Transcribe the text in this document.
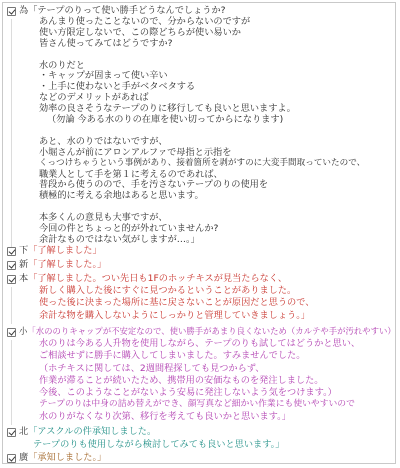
為「テープのりって使い勝手どうなんでしょうか?
あんまり使ったことないので、分からないのですが
使い方限定しないで、この際どちらが使い易いか
皆さん使ってみてはどうですか?
水のりだと
・キャップが固まって使い辛い
・上手に使わないと手がベタベタする
などのデメリットがあれば
効率の良さそうなテープのりに移行しても良いと思いますよ。
（勿論 今ある水のりの在庫を使い切ってからになります)
あと、水のりではないですが、
小堀さんが前にアロンアルファで母指と示指を
くっつけちゃうという事例があり、接着箇所を剥がすのに大変手間取っていたので、
職業人として手を第１に考えるのであれば、
普段から使うのので、手を汚さないテープのりの使用を
積極的に考える余地はあると思います。
本多くんの意見も大事ですが、
今回の件とちょっと的が外れていませんか?
余計なものではない気がしますが…。」
下「了解しました」
新「了解しました。」
本「了解しました。つい先日も1Fのホッチキスが見当たらなく、
新しく購入した後にすぐに見つかるということがありました。
使った後に決まった場所に基に戻さないことが原因だと思うので、
余計な物を購入しないようにしっかりと管理していきましょう。」
小「水ののりキャップが不安定なので、使い勝手があまり良くないため（カルテや手が汚れやすい）
水のりは今ある人升物を使用しながら、テープのりも試してはどうかと思い、
ご相談せずに勝手に購入してしまいました。すみませんでした。
（ホチキスに関しては、2週間程探しても見つからず、
作業が滞ることが続いたため、携帯用の安価なものを発注しました。
今後、このようなことがないよう安易に発注しないよう気をつけます。）
テープのりは中身の詰め替えができ、顔写真など細かい作業にも使いやすいので
水のりがなくなり次第、移行を考えても良いかと思います。」
北「アスクルの件承知しました。
テープのりも使用しながら検討してみても良いと思います。」
廣「承知しました。」
